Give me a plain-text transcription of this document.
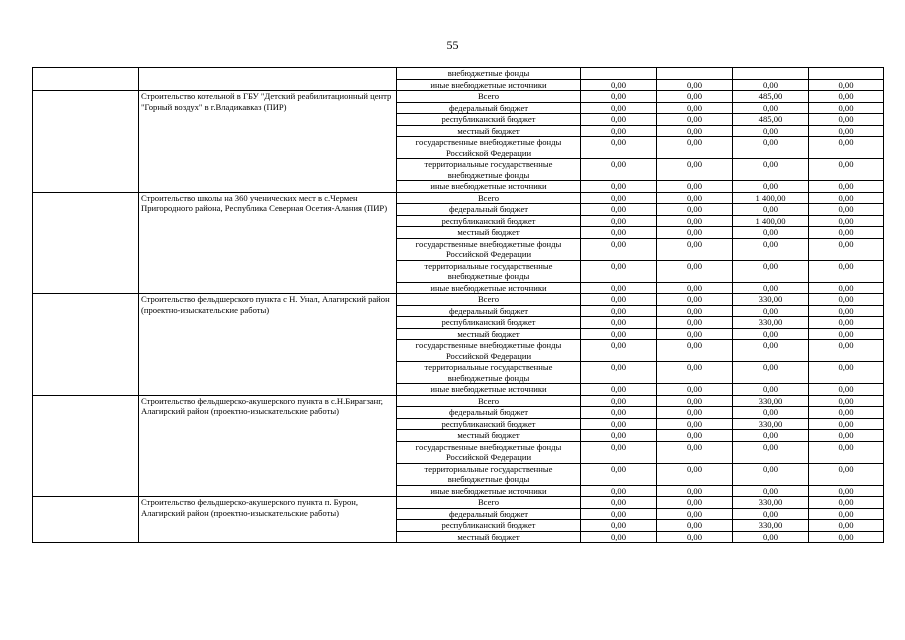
55
		внебюджетные фонды				
		иные внебюджетные источники	0,00	0,00	0,00	0,00
	Строительство котельной в ГБУ "Детский реабилитационный центр "Горный воздух" в г.Владикавказ (ПИР)	Всего	0,00	0,00	485,00	0,00
		федеральный бюджет	0,00	0,00	0,00	0,00
		республиканский бюджет	0,00	0,00	485,00	0,00
		местный бюджет	0,00	0,00	0,00	0,00
		государственные внебюджетные фонды Российской Федерации	0,00	0,00	0,00	0,00
		территориальные государственные внебюджетные фонды	0,00	0,00	0,00	0,00
		иные внебюджетные источники	0,00	0,00	0,00	0,00
	Строительство школы на 360 ученических мест в с.Чермен Пригородного района, Республика Северная Осетия-Алания (ПИР)	Всего	0,00	0,00	1 400,00	0,00
		федеральный бюджет	0,00	0,00	0,00	0,00
		республиканский бюджет	0,00	0,00	1 400,00	0,00
		местный бюджет	0,00	0,00	0,00	0,00
		государственные внебюджетные фонды Российской Федерации	0,00	0,00	0,00	0,00
		территориальные государственные внебюджетные фонды	0,00	0,00	0,00	0,00
		иные внебюджетные источники	0,00	0,00	0,00	0,00
	Строительство фельдшерского пункта с Н. Унал, Алагирский район (проектно-изыскательские работы)	Всего	0,00	0,00	330,00	0,00
		федеральный бюджет	0,00	0,00	0,00	0,00
		республиканский бюджет	0,00	0,00	330,00	0,00
		местный бюджет	0,00	0,00	0,00	0,00
		государственные внебюджетные фонды Российской Федерации	0,00	0,00	0,00	0,00
		территориальные государственные внебюджетные фонды	0,00	0,00	0,00	0,00
		иные внебюджетные источники	0,00	0,00	0,00	0,00
	Строительство фельдшерско-акушерского пункта в с.Н.Бирагзанг, Алагирский район (проектно-изыскательские работы)	Всего	0,00	0,00	330,00	0,00
		федеральный бюджет	0,00	0,00	0,00	0,00
		республиканский бюджет	0,00	0,00	330,00	0,00
		местный бюджет	0,00	0,00	0,00	0,00
		государственные внебюджетные фонды Российской Федерации	0,00	0,00	0,00	0,00
		территориальные государственные внебюджетные фонды	0,00	0,00	0,00	0,00
		иные внебюджетные источники	0,00	0,00	0,00	0,00
	Строительство фельдшерско-акушерского пункта п. Бурон, Алагирский район (проектно-изыскательские работы)	Всего	0,00	0,00	330,00	0,00
		федеральный бюджет	0,00	0,00	0,00	0,00
		республиканский бюджет	0,00	0,00	330,00	0,00
		местный бюджет	0,00	0,00	0,00	0,00
